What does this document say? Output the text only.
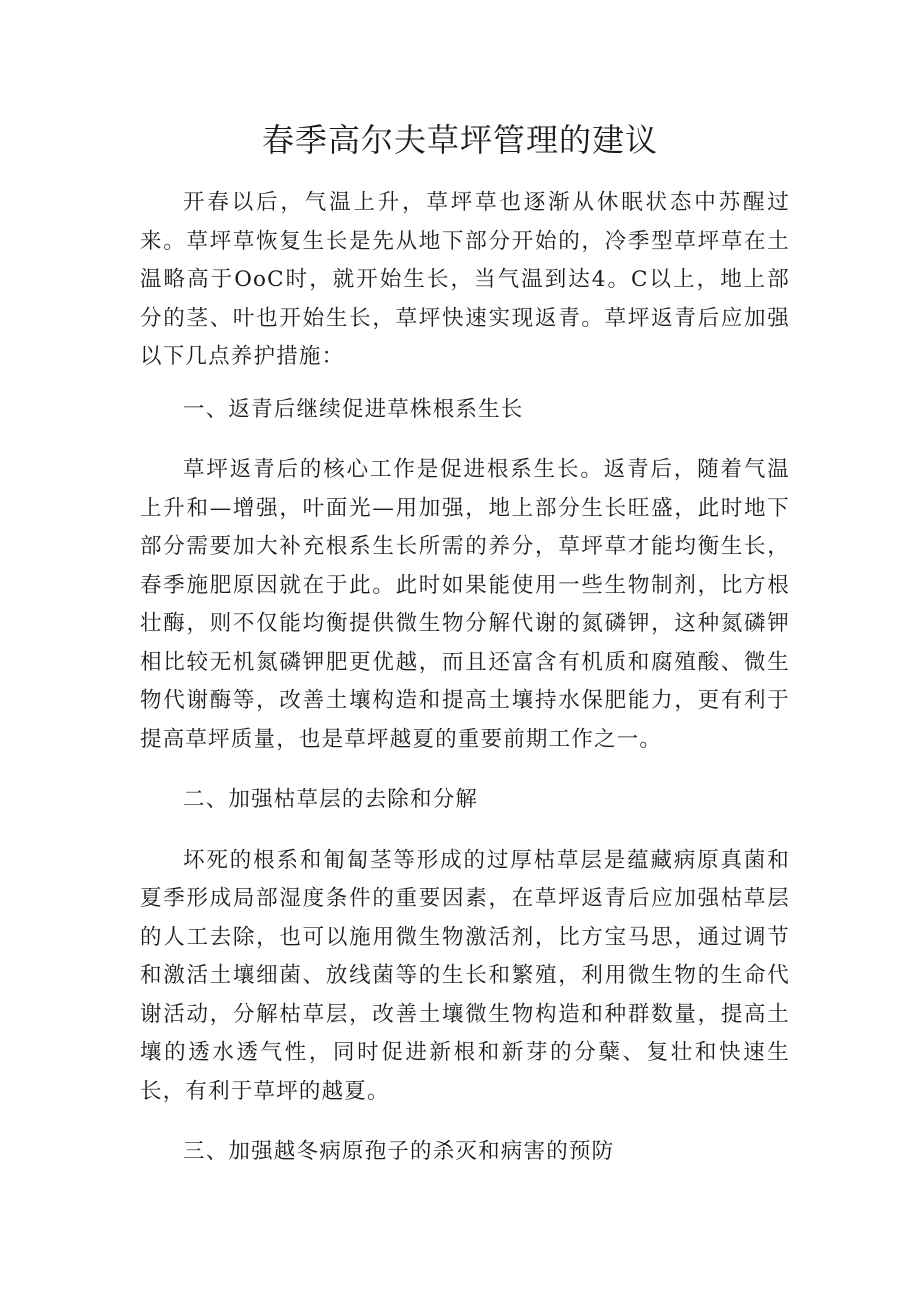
春季高尔夫草坪管理的建议

开春以后，气温上升，草坪草也逐渐从休眠状态中苏醒过来。草坪草恢复生长是先从地下部分开始的，冷季型草坪草在土温略高于OoC时，就开始生长，当气温到达4。C以上，地上部分的茎、叶也开始生长，草坪快速实现返青。草坪返青后应加强以下几点养护措施：

一、返青后继续促进草株根系生长

草坪返青后的核心工作是促进根系生长。返青后，随着气温上升和—增强，叶面光—用加强，地上部分生长旺盛，此时地下部分需要加大补充根系生长所需的养分，草坪草才能均衡生长，春季施肥原因就在于此。此时如果能使用一些生物制剂，比方根壮酶，则不仅能均衡提供微生物分解代谢的氮磷钾，这种氮磷钾相比较无机氮磷钾肥更优越，而且还富含有机质和腐殖酸、微生物代谢酶等，改善土壤构造和提高土壤持水保肥能力，更有利于提高草坪质量，也是草坪越夏的重要前期工作之一。

二、加强枯草层的去除和分解

坏死的根系和匍匐茎等形成的过厚枯草层是蕴藏病原真菌和夏季形成局部湿度条件的重要因素，在草坪返青后应加强枯草层的人工去除，也可以施用微生物激活剂，比方宝马思，通过调节和激活土壤细菌、放线菌等的生长和繁殖，利用微生物的生命代谢活动，分解枯草层，改善土壤微生物构造和种群数量，提高土壤的透水透气性，同时促进新根和新芽的分蘖、复壮和快速生长，有利于草坪的越夏。

三、加强越冬病原孢子的杀灭和病害的预防
